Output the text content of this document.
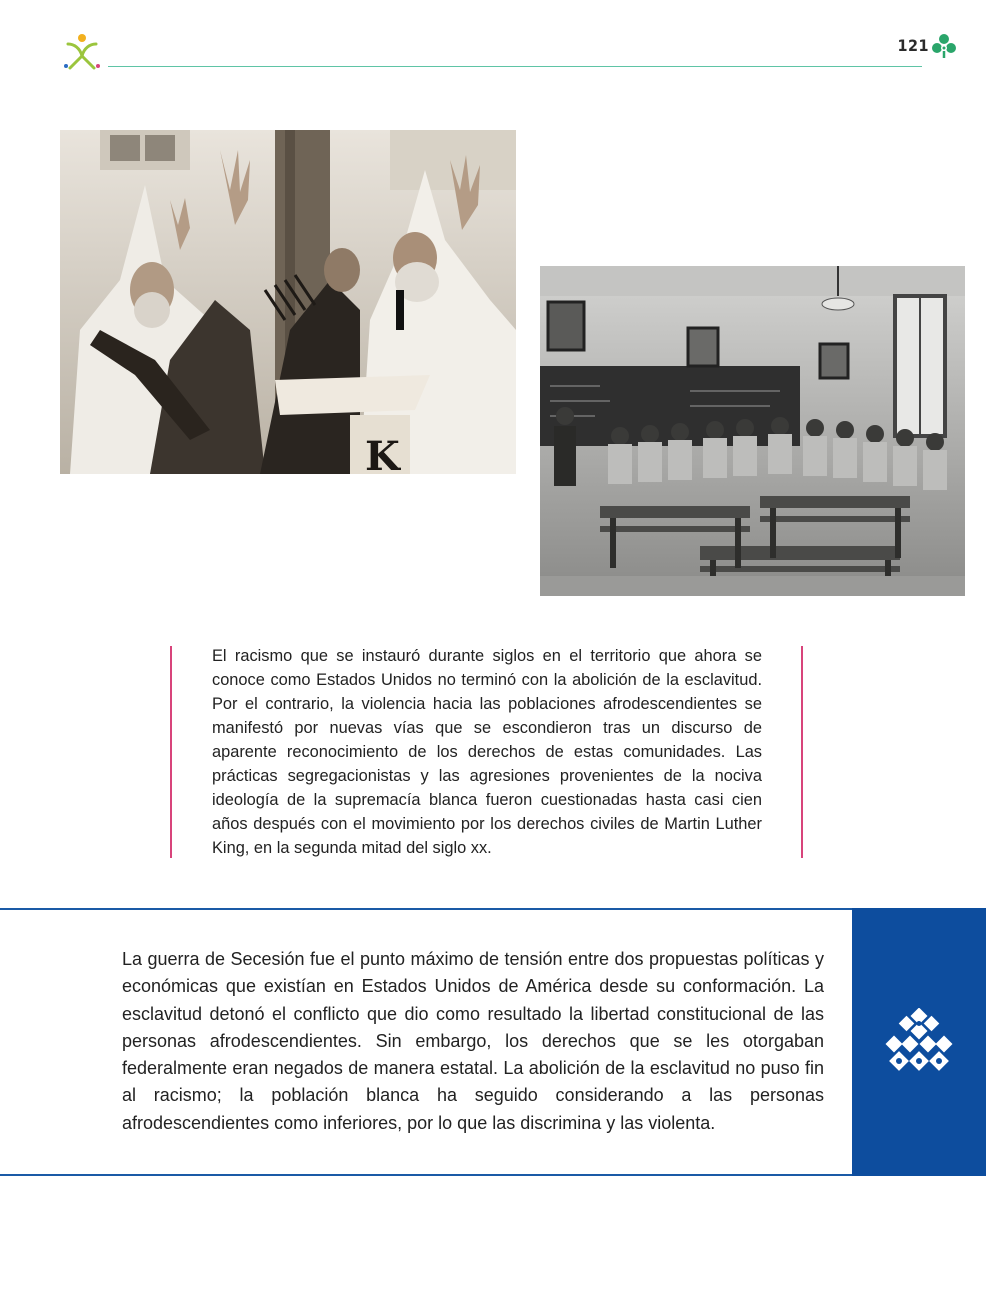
121
K
El racismo que se instauró durante siglos en el territorio que ahora se conoce como Estados Unidos no terminó con la abolición de la esclavitud. Por el contrario, la violencia hacia las poblaciones afrodescendientes se manifestó por nuevas vías que se escondieron tras un discurso de aparente reconocimiento de los derechos de estas comunidades. Las prácticas segregacionistas y las agresiones provenientes de la nociva ideología de la supremacía blanca fueron cuestionadas hasta casi cien años después con el movimiento por los derechos civiles de Martin Luther King, en la segunda mitad del siglo xx.
La guerra de Secesión fue el punto máximo de tensión entre dos propuestas políticas y económicas que existían en Estados Unidos de América desde su conformación. La esclavitud detonó el conflicto que dio como resultado la libertad constitucional de las personas afrodescendientes. Sin embargo, los derechos que se les otorgaban federalmente eran negados de manera estatal. La abolición de la esclavitud no puso fin al racismo; la población blanca ha seguido considerando a las personas afrodescendientes como inferiores, por lo que las discrimina y las violenta.
